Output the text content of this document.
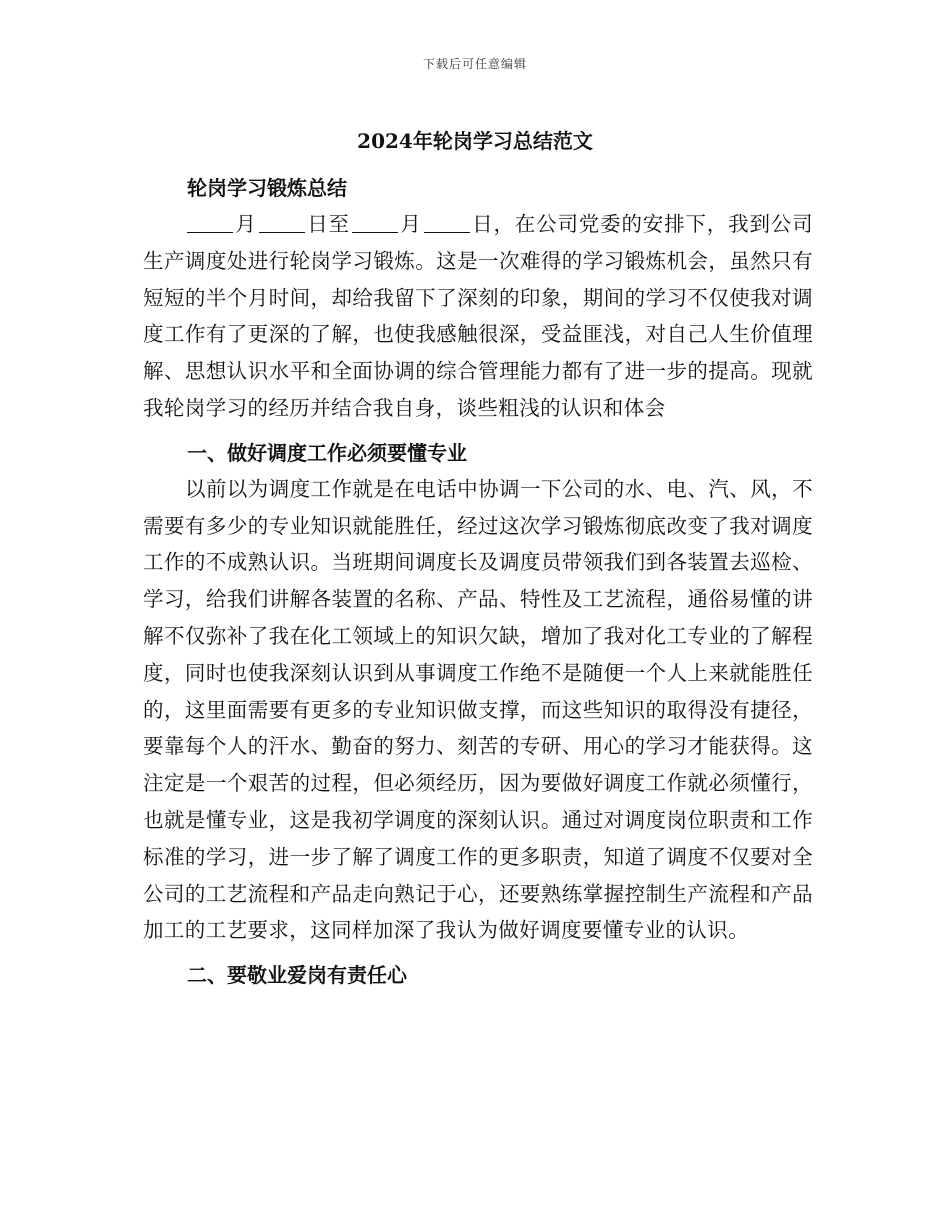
下载后可任意编辑
2024年轮岗学习总结范文

轮岗学习锻炼总结

月 日至 月 日，在公司党委的安排下，我到公司生产调度处进行轮岗学习锻炼。这是一次难得的学习锻炼机会，虽然只有短短的半个月时间，却给我留下了深刻的印象，期间的学习不仅使我对调度工作有了更深的了解，也使我感触很深，受益匪浅，对自己人生价值理解、思想认识水平和全面协调的综合管理能力都有了进一步的提高。现就我轮岗学习的经历并结合我自身，谈些粗浅的认识和体会

一、做好调度工作必须要懂专业

以前以为调度工作就是在电话中协调一下公司的水、电、汽、风，不需要有多少的专业知识就能胜任，经过这次学习锻炼彻底改变了我对调度工作的不成熟认识。当班期间调度长及调度员带领我们到各装置去巡检、学习，给我们讲解各装置的名称、产品、特性及工艺流程，通俗易懂的讲解不仅弥补了我在化工领域上的知识欠缺，增加了我对化工专业的了解程度，同时也使我深刻认识到从事调度工作绝不是随便一个人上来就能胜任的，这里面需要有更多的专业知识做支撑，而这些知识的取得没有捷径，要靠每个人的汗水、勤奋的努力、刻苦的专研、用心的学习才能获得。这注定是一个艰苦的过程，但必须经历，因为要做好调度工作就必须懂行，也就是懂专业，这是我初学调度的深刻认识。通过对调度岗位职责和工作标准的学习，进一步了解了调度工作的更多职责，知道了调度不仅要对全公司的工艺流程和产品走向熟记于心，还要熟练掌握控制生产流程和产品加工的工艺要求，这同样加深了我认为做好调度要懂专业的认识。

二、要敬业爱岗有责任心
